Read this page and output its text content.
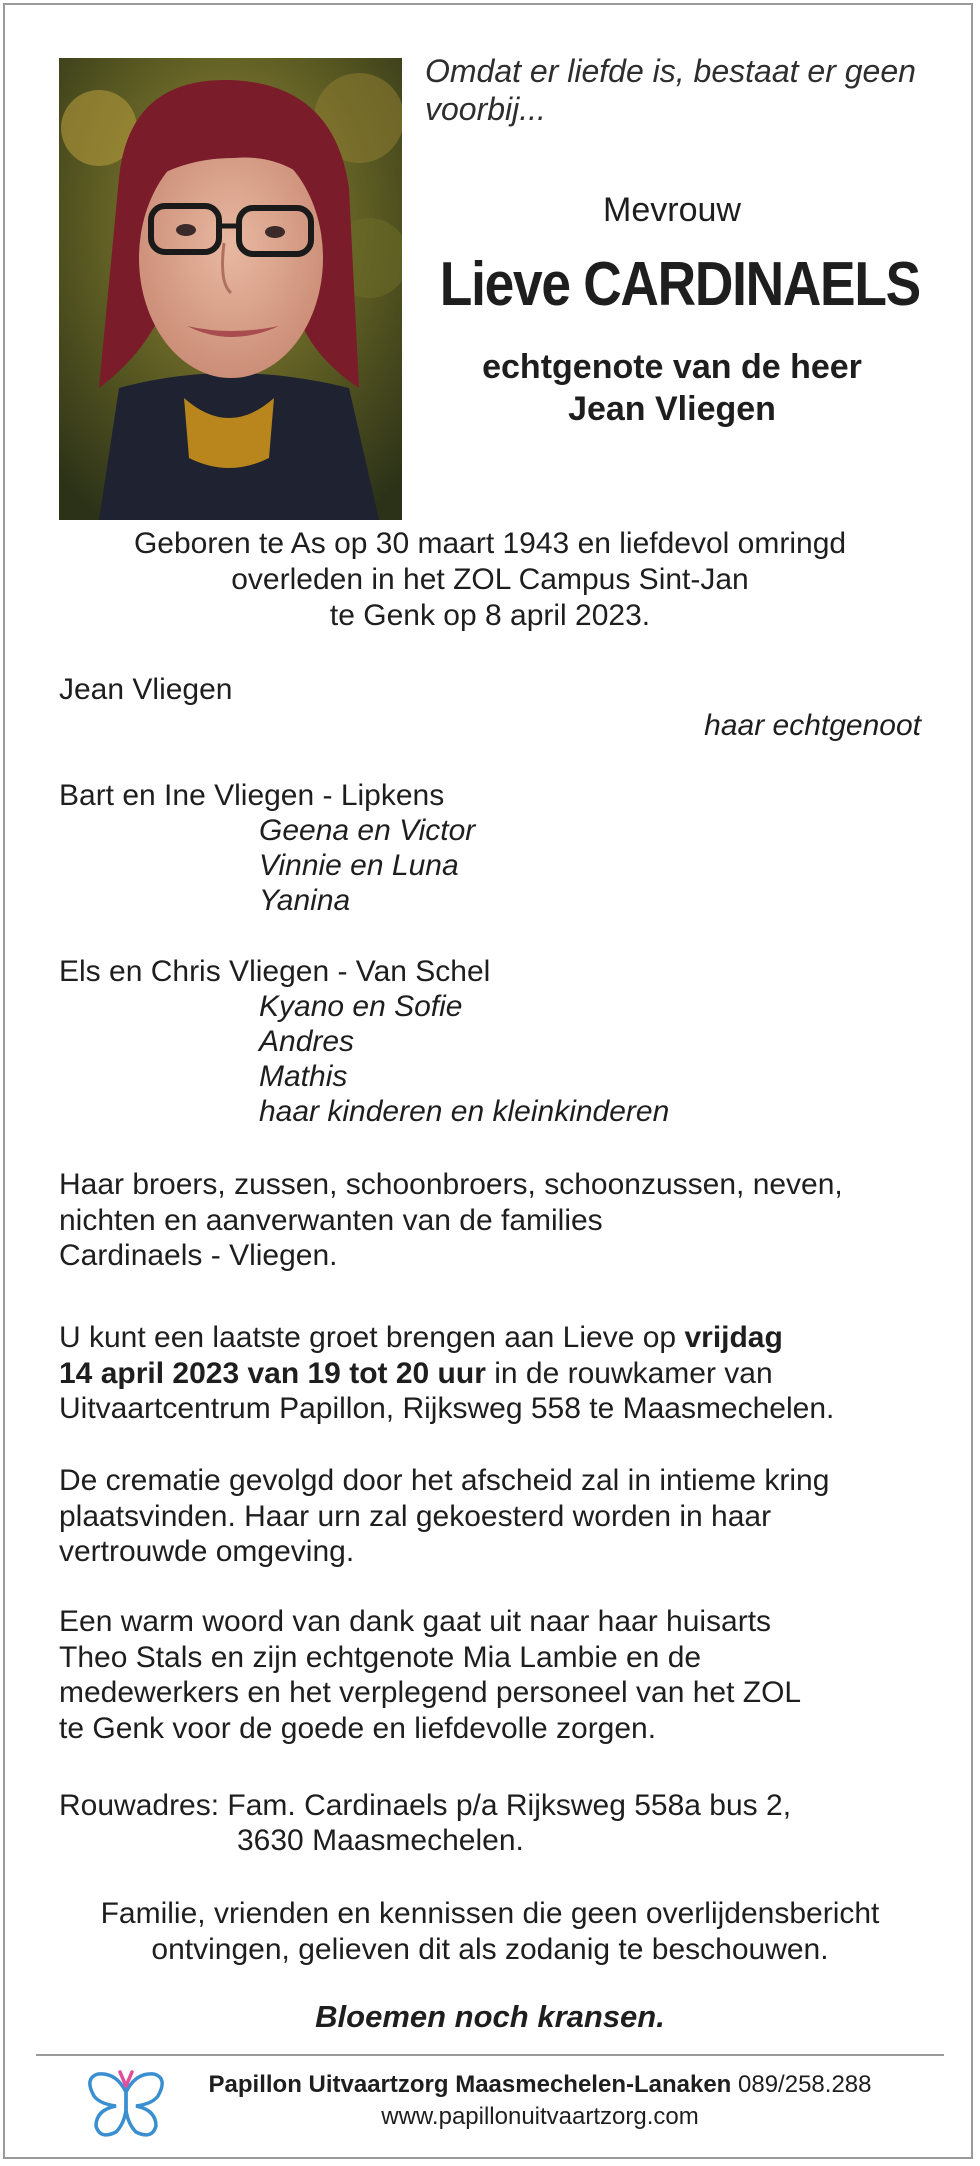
Omdat er liefde is, bestaat er geen
voorbij...
Mevrouw
Lieve CARDINAELS
echtgenote van de heer
Jean Vliegen
Geboren te As op 30 maart 1943 en liefdevol omringd
overleden in het ZOL Campus Sint-Jan
te Genk op 8 april 2023.
Jean Vliegen
haar echtgenoot
Bart en Ine Vliegen - Lipkens
Geena en Victor
Vinnie en Luna
Yanina
Els en Chris Vliegen - Van Schel
Kyano en Sofie
Andres
Mathis
haar kinderen en kleinkinderen
Haar broers, zussen, schoonbroers, schoonzussen, neven,
nichten en aanverwanten van de families
Cardinaels - Vliegen.
U kunt een laatste groet brengen aan Lieve op vrijdag
14 april 2023 van 19 tot 20 uur in de rouwkamer van
Uitvaartcentrum Papillon, Rijksweg 558 te Maasmechelen.
De crematie gevolgd door het afscheid zal in intieme kring
plaatsvinden. Haar urn zal gekoesterd worden in haar
vertrouwde omgeving.
Een warm woord van dank gaat uit naar haar huisarts
Theo Stals en zijn echtgenote Mia Lambie en de
medewerkers en het verplegend personeel van het ZOL
te Genk voor de goede en liefdevolle zorgen.
Rouwadres: Fam. Cardinaels p/a Rijksweg 558a bus 2,
3630 Maasmechelen.
Familie, vrienden en kennissen die geen overlijdensbericht
ontvingen, gelieven dit als zodanig te beschouwen.
Bloemen noch kransen.
Papillon Uitvaartzorg Maasmechelen-Lanaken 089/258.288
www.papillonuitvaartzorg.com
